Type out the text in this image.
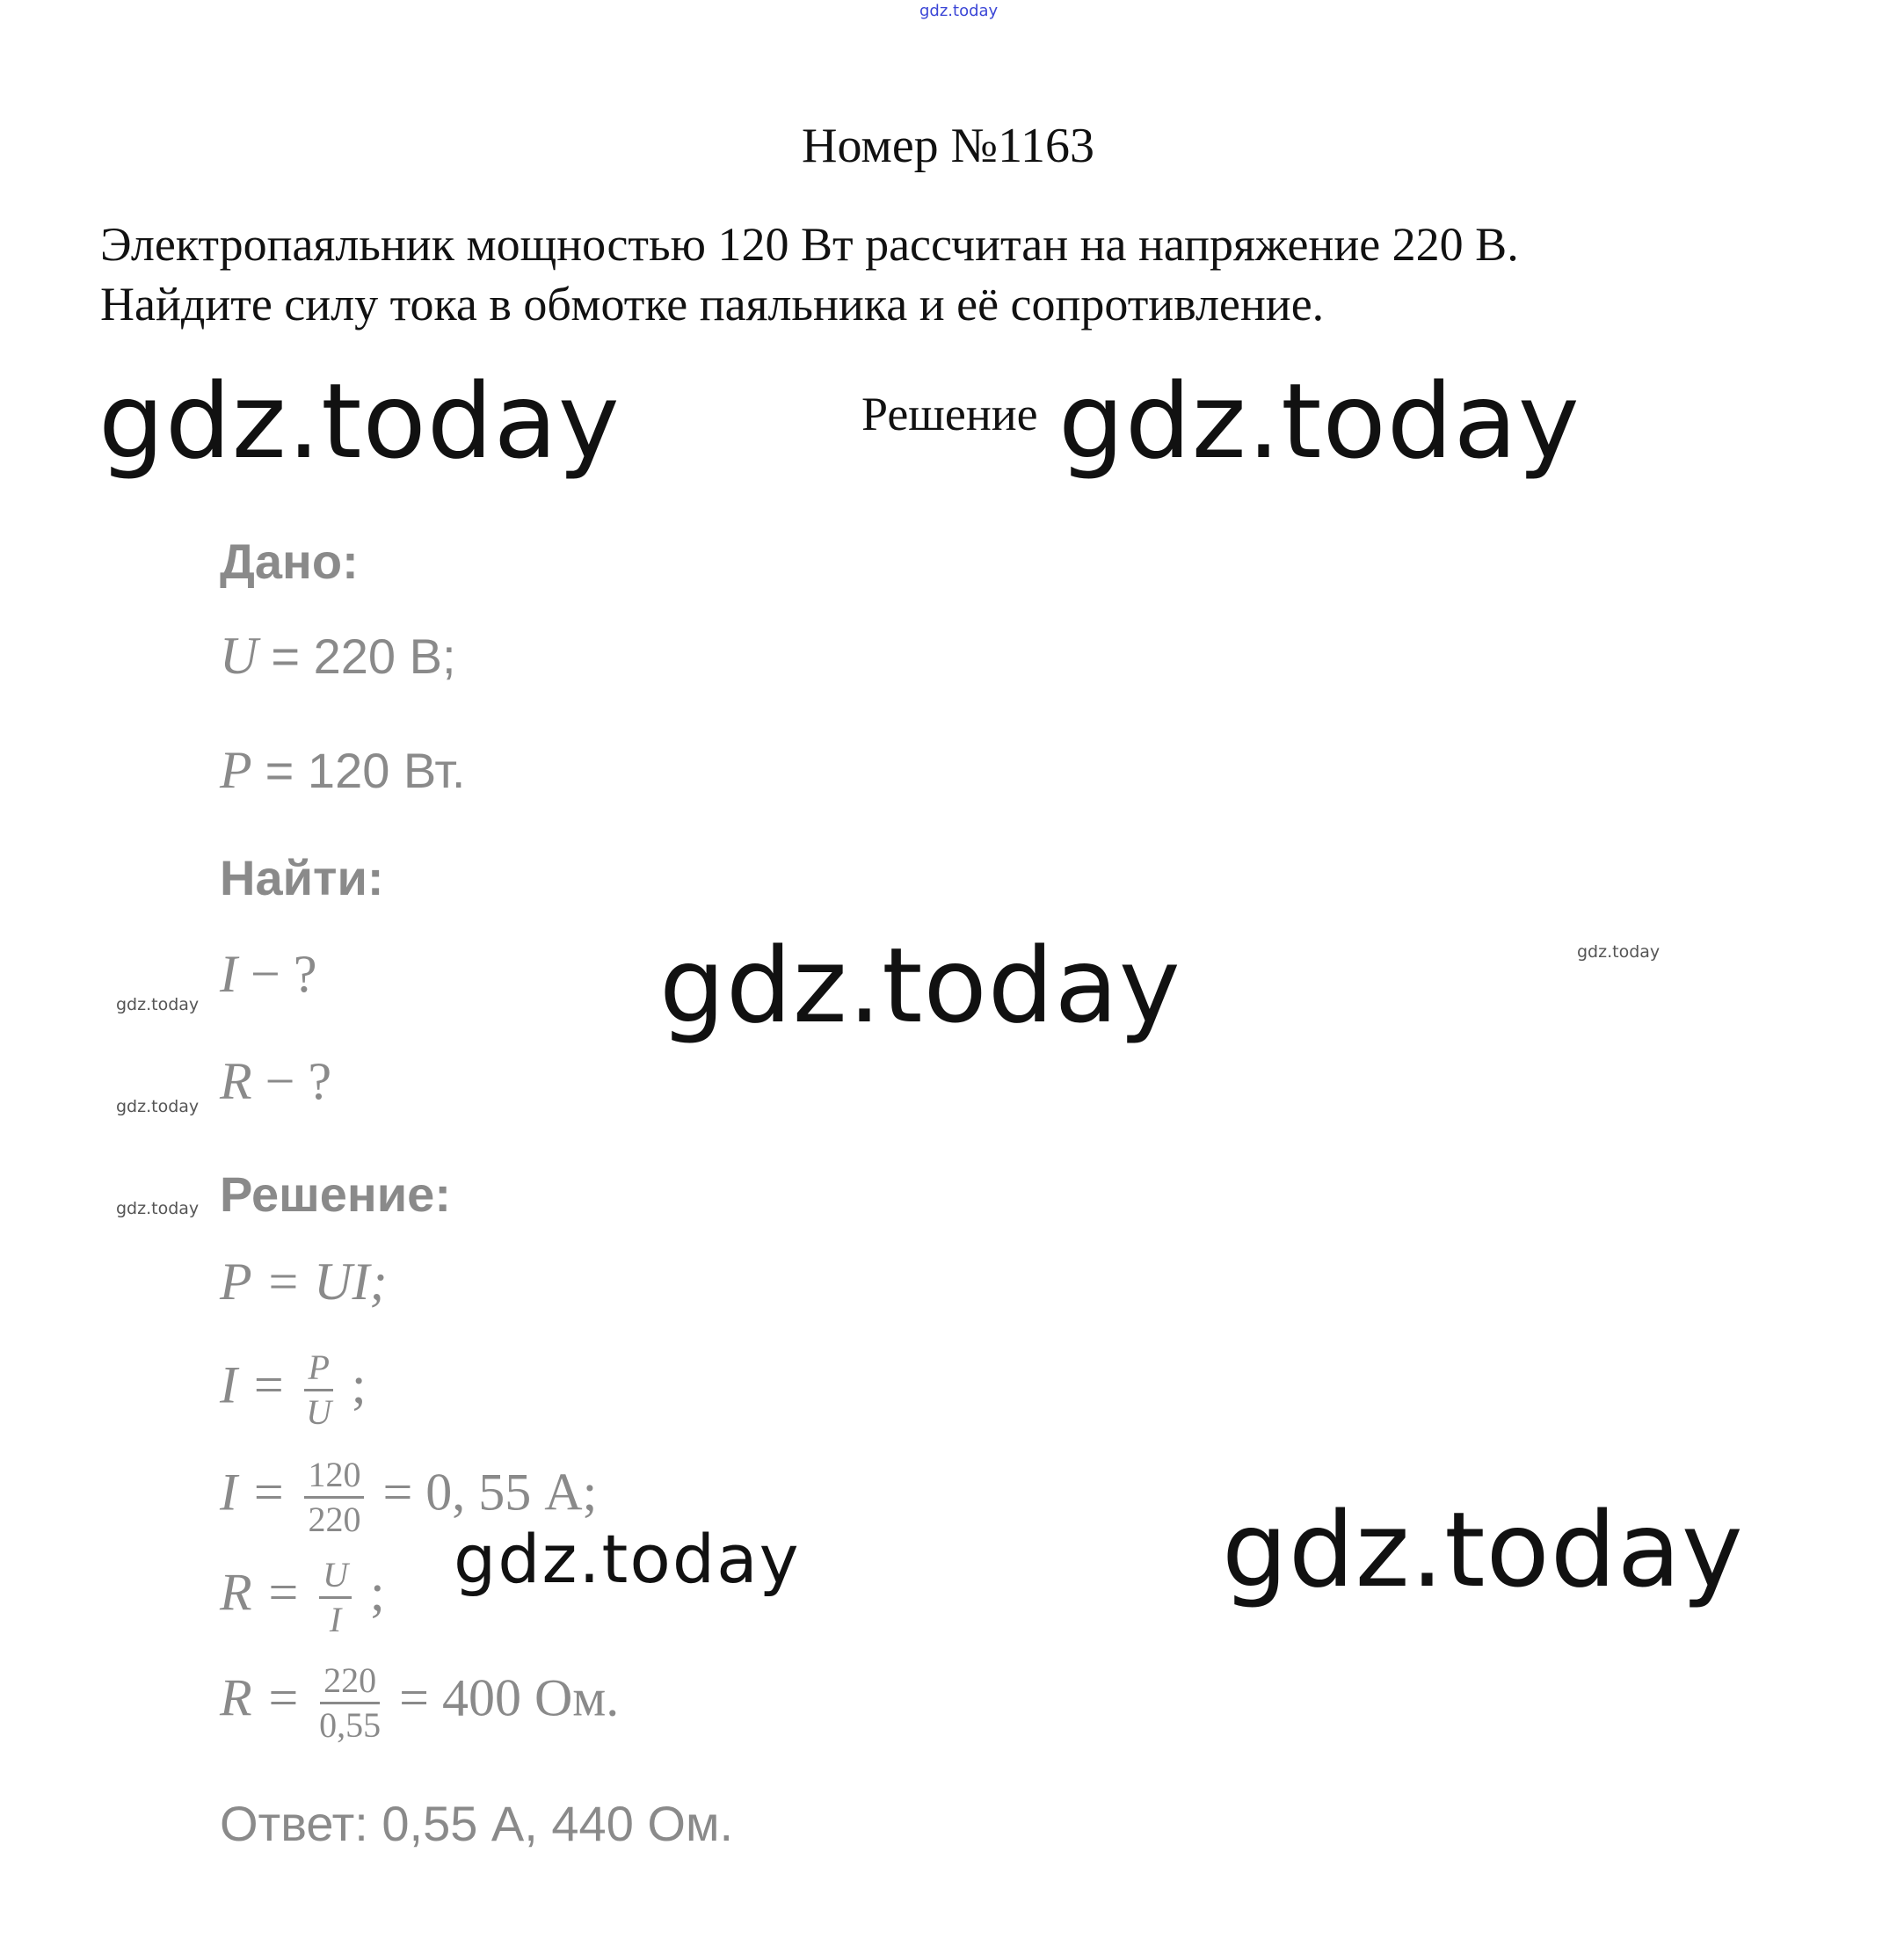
gdz.today
Номер №1163
Электропаяльник мощностью 120 Вт рассчитан на напряжение 220 В.
Найдите силу тока в обмотке паяльника и её сопротивление.
gdz.today	Решение gdz.today
Дано:
U = 220 В;
P = 120 Вт.
Найти:
I − ?
R − ?
gdz.today	gdz.today
gdz.today
gdz.today
gdz.today Решение:
P = UI;
$I = \frac{P}{U}$ ;
$I = \frac{120}{220} = 0$, 55 А;
$R = \frac{U}{I}$ ;
$R = \frac{220}{0,55} = 400$ Ом.
gdz.today	gdz.today
Ответ: 0,55 А, 440 Ом.
